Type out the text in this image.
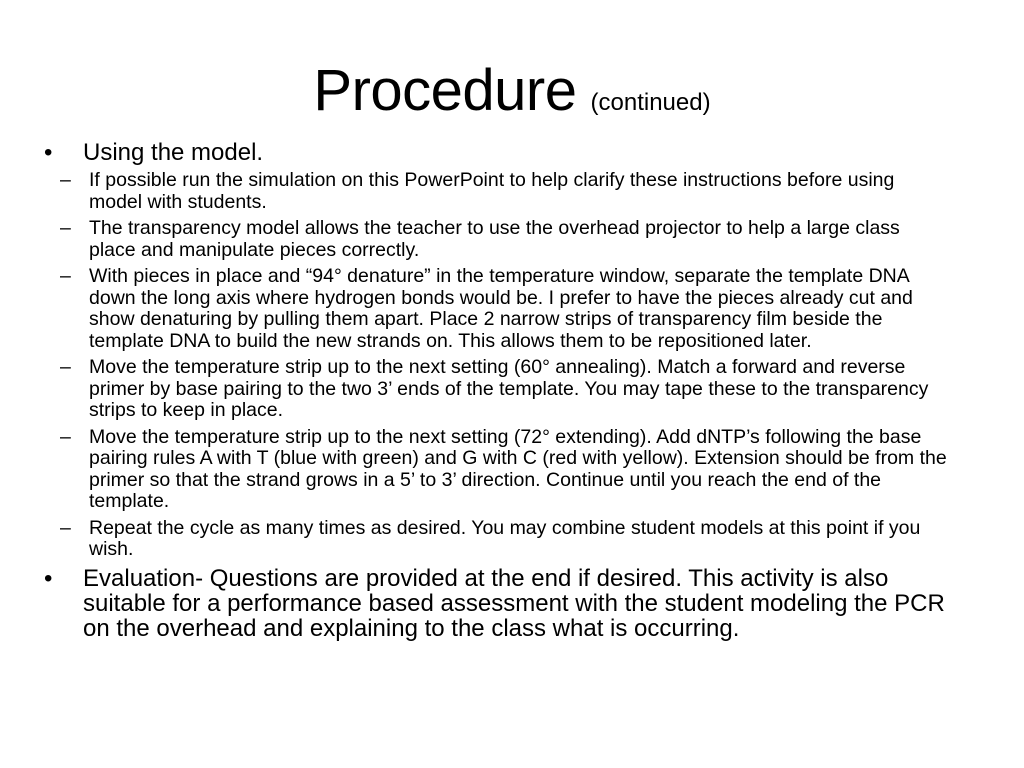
Procedure (continued)
• Using the model.
– If possible run the simulation on this PowerPoint to help clarify these instructions before using model with students.
– The transparency model allows the teacher to use the overhead projector to help a large class place and manipulate pieces correctly.
– With pieces in place and “94° denature” in the temperature window, separate the template DNA down the long axis where hydrogen bonds would be. I prefer to have the pieces already cut and show denaturing by pulling them apart. Place 2 narrow strips of transparency film beside the template DNA to build the new strands on. This allows them to be repositioned later.
– Move the temperature strip up to the next setting (60° annealing). Match a forward and reverse primer by base pairing to the two 3’ ends of the template. You may tape these to the transparency strips to keep in place.
– Move the temperature strip up to the next setting (72° extending). Add dNTP’s following the base pairing rules A with T (blue with green) and G with C (red with yellow). Extension should be from the primer so that the strand grows in a 5’ to 3’ direction. Continue until you reach the end of the template.
– Repeat the cycle as many times as desired. You may combine student models at this point if you wish.
• Evaluation- Questions are provided at the end if desired. This activity is also suitable for a performance based assessment with the student modeling the PCR on the overhead and explaining to the class what is occurring.
